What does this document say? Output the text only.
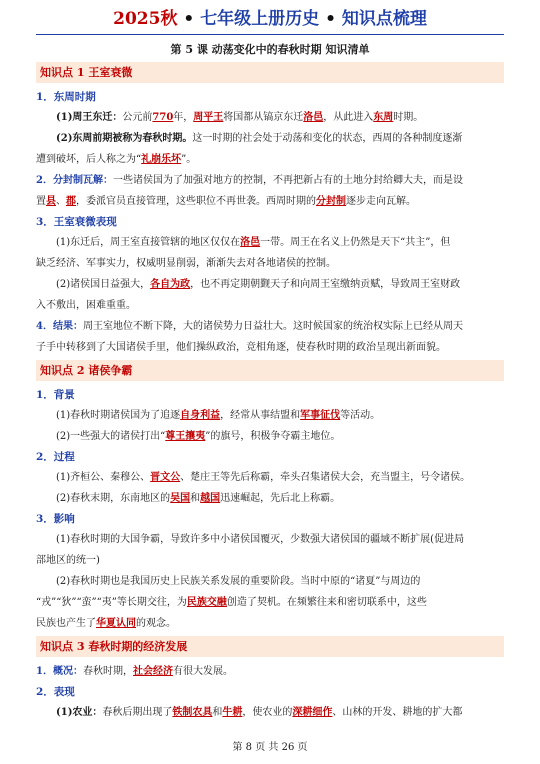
2025秋 • 七年级上册历史 • 知识点梳理
第 5 课 动荡变化中的春秋时期 知识清单
知识点 1 王室衰微
1．东周时期

(1)周王东迁：公元前770年，周平王将国都从镐京东迁洛邑，从此进入东周时期。

(2)东周前期被称为春秋时期。这一时期的社会处于动荡和变化的状态，西周的各种制度逐渐

遭到破坏，后人称之为“礼崩乐坏”。

2．分封制瓦解：一些诸侯国为了加强对地方的控制，不再把新占有的土地分封给卿大夫，而是设

置县、郡，委派官员直接管理，这些职位不再世袭。西周时期的分封制逐步走向瓦解。

3．王室衰微表现

(1)东迁后，周王室直接管辖的地区仅仅在洛邑一带。周王在名义上仍然是天下“共主”，但

缺乏经济、军事实力，权威明显削弱，渐渐失去对各地诸侯的控制。

(2)诸侯国日益强大，各自为政，也不再定期朝觐天子和向周王室缴纳贡赋，导致周王室财政

入不敷出，困难重重。

4．结果：周王室地位不断下降，大的诸侯势力日益壮大。这时候国家的统治权实际上已经从周天

子手中转移到了大国诸侯手里，他们操纵政治，竞相角逐，使春秋时期的政治呈现出新面貌。

知识点 2 诸侯争霸
1．背景

(1)春秋时期诸侯国为了追逐自身利益，经常从事结盟和军事征伐等活动。

(2)一些强大的诸侯打出“尊王攘夷”的旗号，积极争夺霸主地位。

2．过程

(1)齐桓公、秦穆公、晋文公、楚庄王等先后称霸，牵头召集诸侯大会，充当盟主，号令诸侯。

(2)春秋末期，东南地区的吴国和越国迅速崛起，先后北上称霸。

3．影响

(1)春秋时期的大国争霸，导致许多中小诸侯国覆灭，少数强大诸侯国的疆域不断扩展(促进局

部地区的统一)

(2)春秋时期也是我国历史上民族关系发展的重要阶段。当时中原的“诸夏”与周边的

“戎”“狄”“蛮”“夷”等长期交往，为民族交融创造了契机。在频繁往来和密切联系中，这些

民族也产生了华夏认同的观念。

知识点 3 春秋时期的经济发展

1．概况：春秋时期，社会经济有很大发展。

2．表现

(1)农业：春秋后期出现了铁制农具和牛耕，使农业的深耕细作、山林的开发、耕地的扩大都

第 8 页 共 26 页
